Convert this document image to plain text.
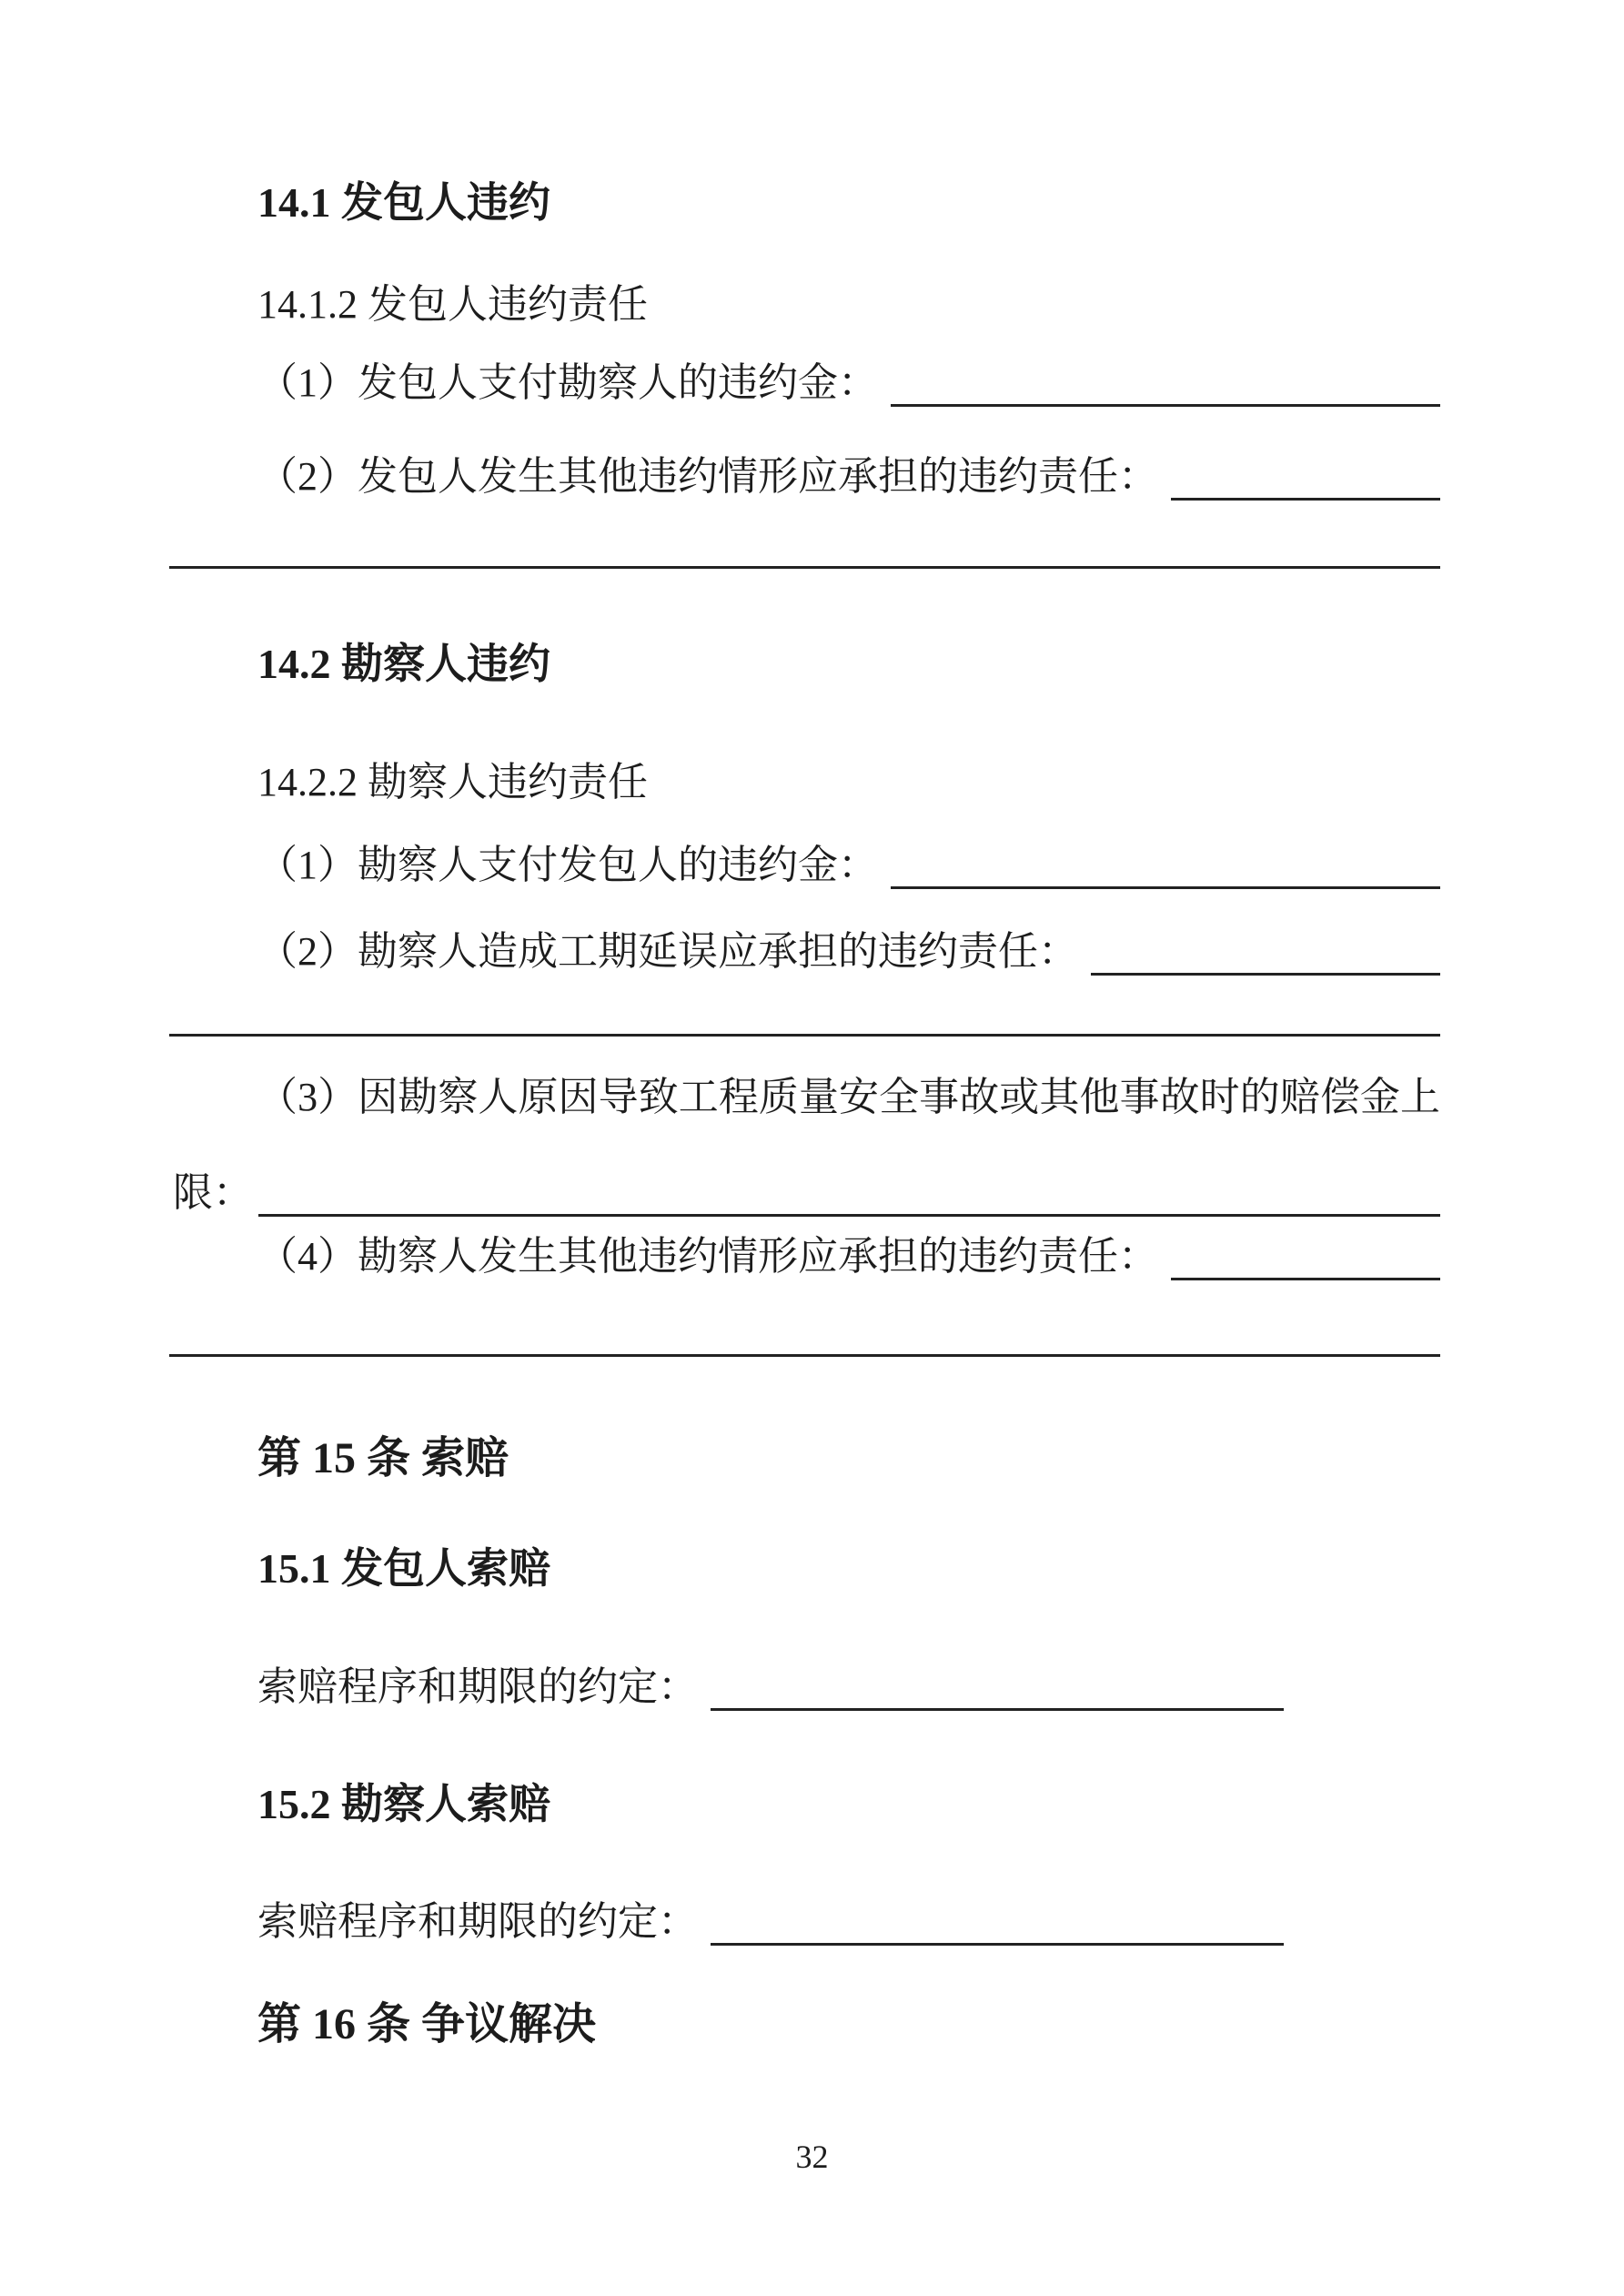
14.1 发包人违约
14.1.2 发包人违约责任
（1）发包人支付勘察人的违约金：
（2）发包人发生其他违约情形应承担的违约责任：
14.2 勘察人违约
14.2.2 勘察人违约责任
（1）勘察人支付发包人的违约金：
（2）勘察人造成工期延误应承担的违约责任：
（3）因勘察人原因导致工程质量安全事故或其他事故时的赔偿金上
限：
（4）勘察人发生其他违约情形应承担的违约责任：
第 15 条 索赔
15.1 发包人索赔
索赔程序和期限的约定：
15.2 勘察人索赔
索赔程序和期限的约定：
第 16 条 争议解决
32
